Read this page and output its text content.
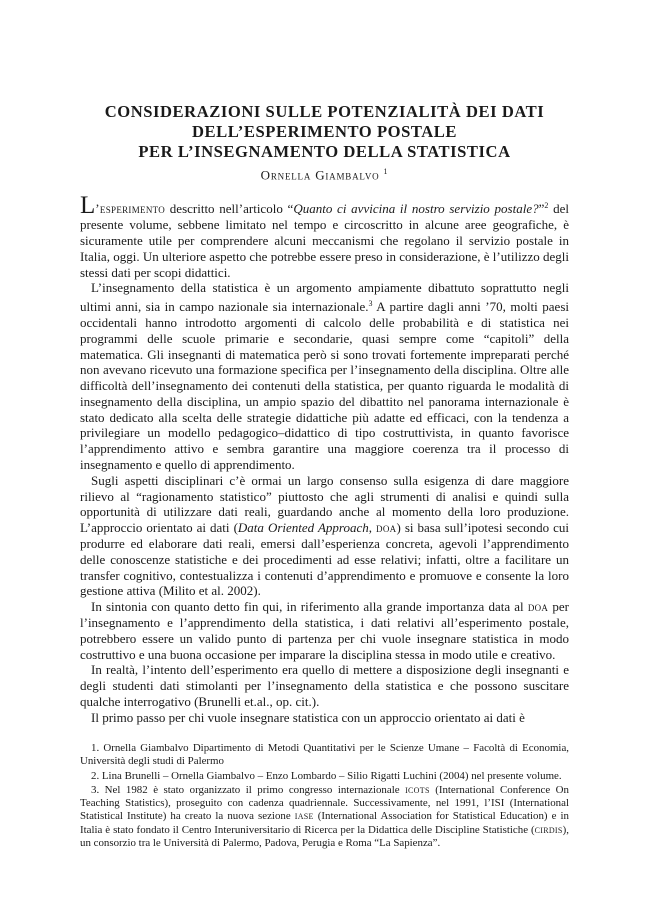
CONSIDERAZIONI SULLE POTENZIALITÀ DEI DATI
DELL’ESPERIMENTO POSTALE
PER L’INSEGNAMENTO DELLA STATISTICA
Ornella Giambalvo $^1$

L’esperimento descritto nell’articolo “Quanto ci avvicina il nostro servizio postale?”$^2$ del presente volume, sebbene limitato nel tempo e circoscritto in alcune aree geografiche, è sicuramente utile per comprendere alcuni meccanismi che regolano il servizio postale in Italia, oggi. Un ulteriore aspetto che potrebbe essere preso in considerazione, è l’utilizzo degli stessi dati per scopi didattici.

L’insegnamento della statistica è un argomento ampiamente dibattuto soprattutto negli ultimi anni, sia in campo nazionale sia internazionale.$^3$ A partire dagli anni ’70, molti paesi occidentali hanno introdotto argomenti di calcolo delle probabilità e di statistica nei programmi delle scuole primarie e secondarie, quasi sempre come “capitoli” della matematica. Gli insegnanti di matematica però si sono trovati fortemente impreparati perché non avevano ricevuto una formazione specifica per l’insegnamento della disciplina. Oltre alle difficoltà dell’insegnamento dei contenuti della statistica, per quanto riguarda le modalità di insegnamento della disciplina, un ampio spazio del dibattito nel panorama internazionale è stato dedicato alla scelta delle strategie didattiche più adatte ed efficaci, con la tendenza a privilegiare un modello pedagogico–didattico di tipo costruttivista, in quanto favorisce l’apprendimento attivo e sembra garantire una maggiore coerenza tra il processo di insegnamento e quello di apprendimento.

Sugli aspetti disciplinari c’è ormai un largo consenso sulla esigenza di dare maggiore rilievo al “ragionamento statistico” piuttosto che agli strumenti di analisi e quindi sulla opportunità di utilizzare dati reali, guardando anche al momento della loro produzione. L’approccio orientato ai dati (Data Oriented Approach, doa) si basa sull’ipotesi secondo cui produrre ed elaborare dati reali, emersi dall’esperienza concreta, agevoli l’apprendimento delle conoscenze statistiche e dei procedimenti ad esse relativi; infatti, oltre a facilitare un transfer cognitivo, contestualizza i contenuti d’apprendimento e promuove e consente la loro gestione attiva (Milito et al. 2002).

In sintonia con quanto detto fin qui, in riferimento alla grande importanza data al doa per l’insegnamento e l’apprendimento della statistica, i dati relativi all’esperimento postale, potrebbero essere un valido punto di partenza per chi vuole insegnare statistica in modo costruttivo e una buona occasione per imparare la disciplina stessa in modo utile e creativo.

In realtà, l’intento dell’esperimento era quello di mettere a disposizione degli insegnanti e degli studenti dati stimolanti per l’insegnamento della statistica e che possono suscitare qualche interrogativo (Brunelli et.al., op. cit.).

Il primo passo per chi vuole insegnare statistica con un approccio orientato ai dati è

1. Ornella Giambalvo Dipartimento di Metodi Quantitativi per le Scienze Umane – Facoltà di Economia, Università degli studi di Palermo

2. Lina Brunelli – Ornella Giambalvo – Enzo Lombardo – Silio Rigatti Luchini (2004) nel presente volume.

3. Nel 1982 è stato organizzato il primo congresso internazionale icots (International Conference On Teaching Statistics), proseguito con cadenza quadriennale. Successivamente, nel 1991, l’ISI (International Statistical Institute) ha creato la nuova sezione iase (International Association for Statistical Education) e in Italia è stato fondato il Centro Interuniversitario di Ricerca per la Didattica delle Discipline Statistiche (cirdis), un consorzio tra le Università di Palermo, Padova, Perugia e Roma “La Sapienza”.
